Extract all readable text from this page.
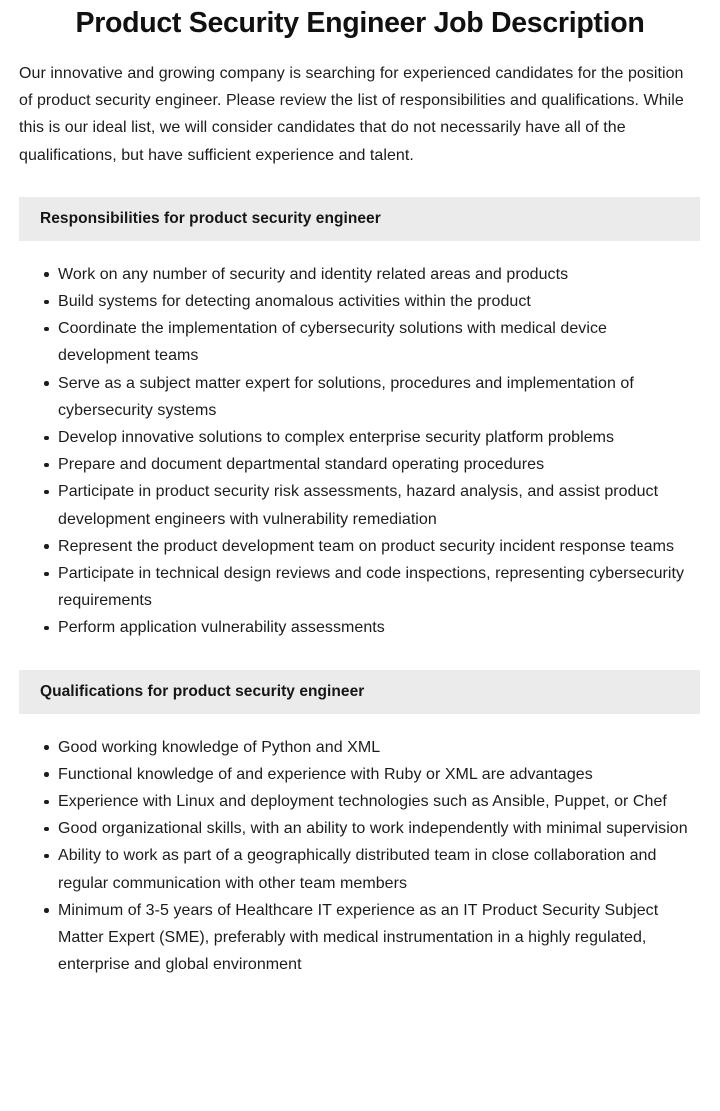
Product Security Engineer Job Description

Our innovative and growing company is searching for experienced candidates for the position of product security engineer. Please review the list of responsibilities and qualifications. While this is our ideal list, we will consider candidates that do not necessarily have all of the qualifications, but have sufficient experience and talent.

Responsibilities for product security engineer
Work on any number of security and identity related areas and products
Build systems for detecting anomalous activities within the product
Coordinate the implementation of cybersecurity solutions with medical device development teams
Serve as a subject matter expert for solutions, procedures and implementation of cybersecurity systems
Develop innovative solutions to complex enterprise security platform problems
Prepare and document departmental standard operating procedures
Participate in product security risk assessments, hazard analysis, and assist product development engineers with vulnerability remediation
Represent the product development team on product security incident response teams
Participate in technical design reviews and code inspections, representing cybersecurity requirements
Perform application vulnerability assessments
Qualifications for product security engineer
Good working knowledge of Python and XML
Functional knowledge of and experience with Ruby or XML are advantages
Experience with Linux and deployment technologies such as Ansible, Puppet, or Chef
Good organizational skills, with an ability to work independently with minimal supervision
Ability to work as part of a geographically distributed team in close collaboration and regular communication with other team members
Minimum of 3-5 years of Healthcare IT experience as an IT Product Security Subject Matter Expert (SME), preferably with medical instrumentation in a highly regulated, enterprise and global environment
